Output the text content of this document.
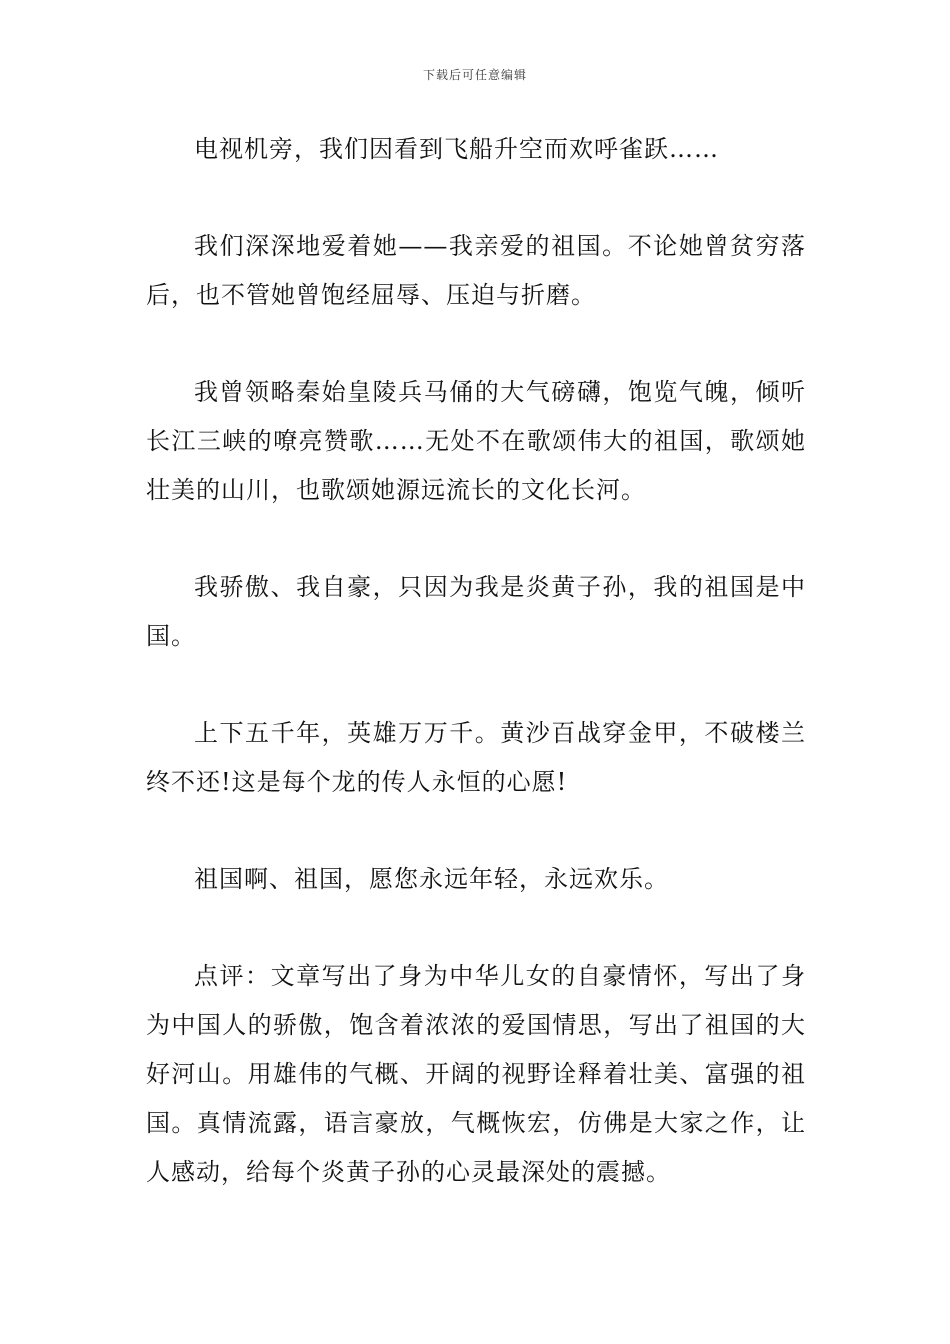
下载后可任意编辑

电视机旁，我们因看到飞船升空而欢呼雀跃……

我们深深地爱着她——我亲爱的祖国。不论她曾贫穷落后，也不管她曾饱经屈辱、压迫与折磨。

我曾领略秦始皇陵兵马俑的大气磅礴，饱览气魄，倾听长江三峡的嘹亮赞歌……无处不在歌颂伟大的祖国，歌颂她壮美的山川，也歌颂她源远流长的文化长河。

我骄傲、我自豪，只因为我是炎黄子孙，我的祖国是中国。

上下五千年，英雄万万千。黄沙百战穿金甲，不破楼兰终不还!这是每个龙的传人永恒的心愿!

祖国啊、祖国，愿您永远年轻，永远欢乐。

点评：文章写出了身为中华儿女的自豪情怀，写出了身为中国人的骄傲，饱含着浓浓的爱国情思，写出了祖国的大好河山。用雄伟的气概、开阔的视野诠释着壮美、富强的祖国。真情流露，语言豪放，气概恢宏，仿佛是大家之作，让人感动，给每个炎黄子孙的心灵最深处的震撼。
